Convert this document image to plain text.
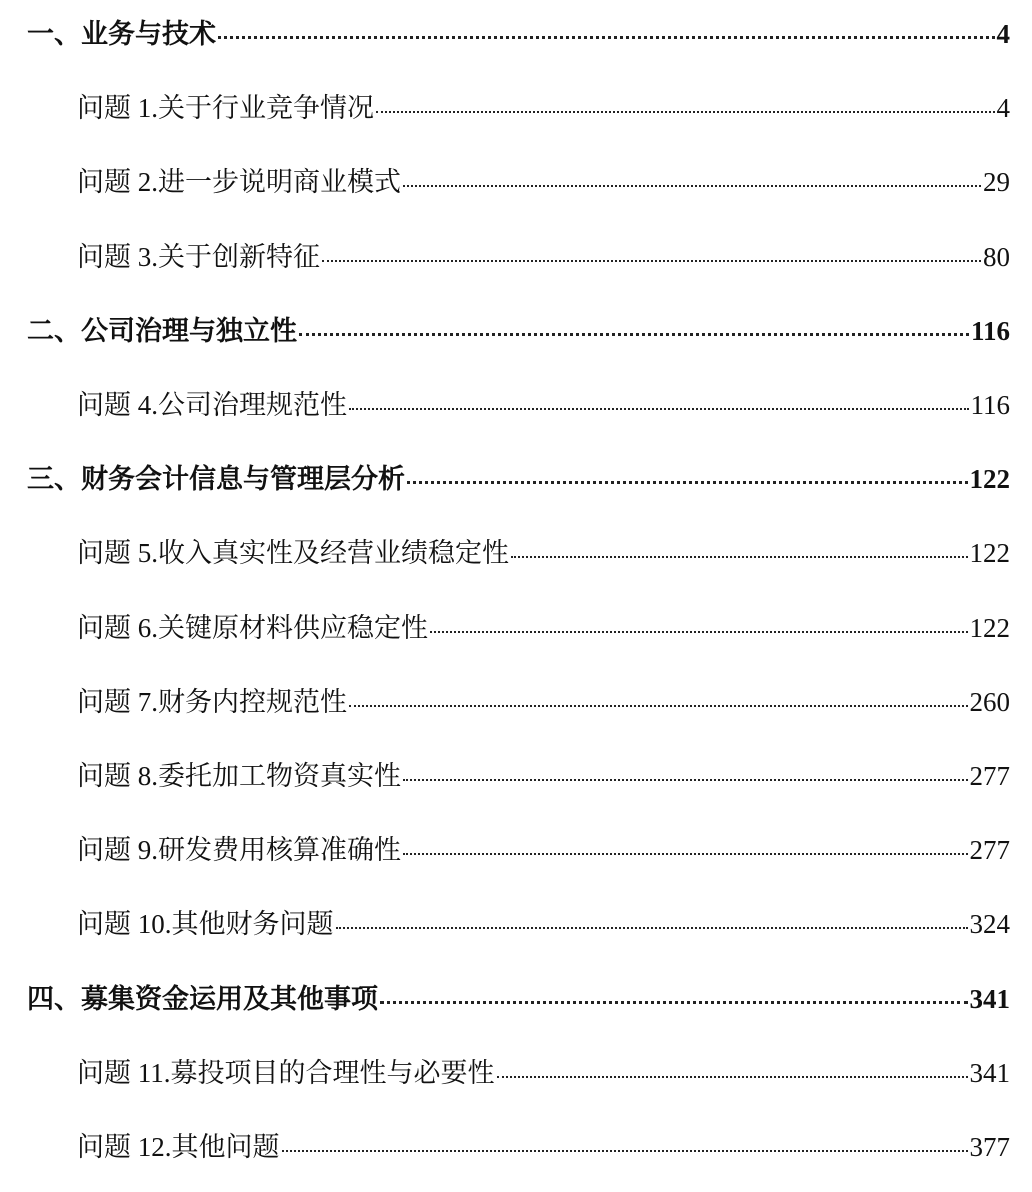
一、业务与技术	4
问题 1.关于行业竞争情况	4
问题 2.进一步说明商业模式	29
问题 3.关于创新特征	80
二、公司治理与独立性	116
问题 4.公司治理规范性	116
三、财务会计信息与管理层分析	122
问题 5.收入真实性及经营业绩稳定性	122
问题 6.关键原材料供应稳定性	122
问题 7.财务内控规范性	260
问题 8.委托加工物资真实性	277
问题 9.研发费用核算准确性	277
问题 10.其他财务问题	324
四、募集资金运用及其他事项	341
问题 11.募投项目的合理性与必要性	341
问题 12.其他问题	377
